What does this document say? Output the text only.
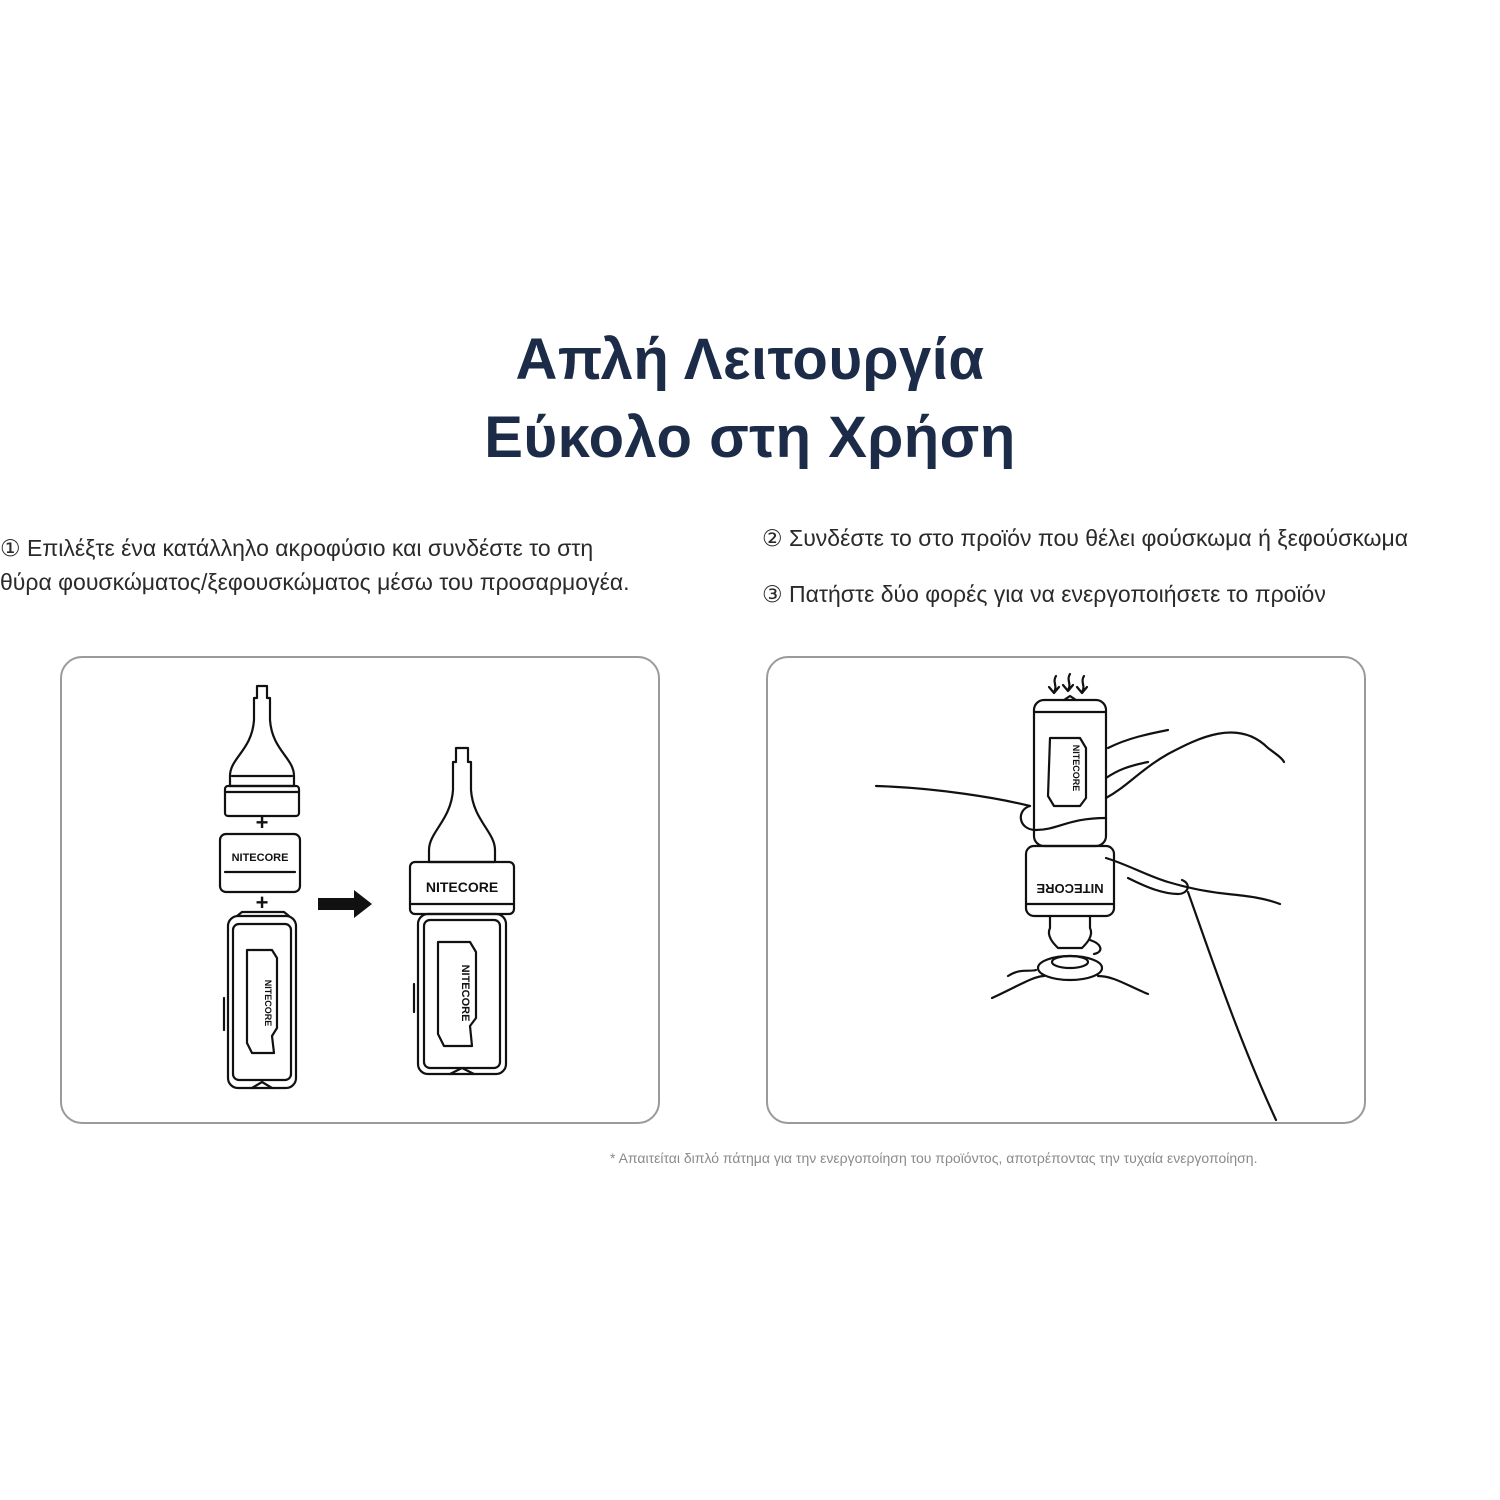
Απλή Λειτουργία
Εύκολο στη Χρήση
① Επιλέξτε ένα κατάλληλο ακροφύσιο και συνδέστε το στη θύρα φουσκώματος/ξεφουσκώματος μέσω του προσαρμογέα.
② Συνδέστε το στο προϊόν που θέλει φούσκωμα ή ξεφούσκωμα
③ Πατήστε δύο φορές για να ενεργοποιήσετε το προϊόν
+
NITECORE
+
NITECORE
NITECORE
NITECORE
NITECORE
NITECORE
* Απαιτείται διπλό πάτημα για την ενεργοποίηση του προϊόντος, αποτρέποντας την τυχαία ενεργοποίηση.
